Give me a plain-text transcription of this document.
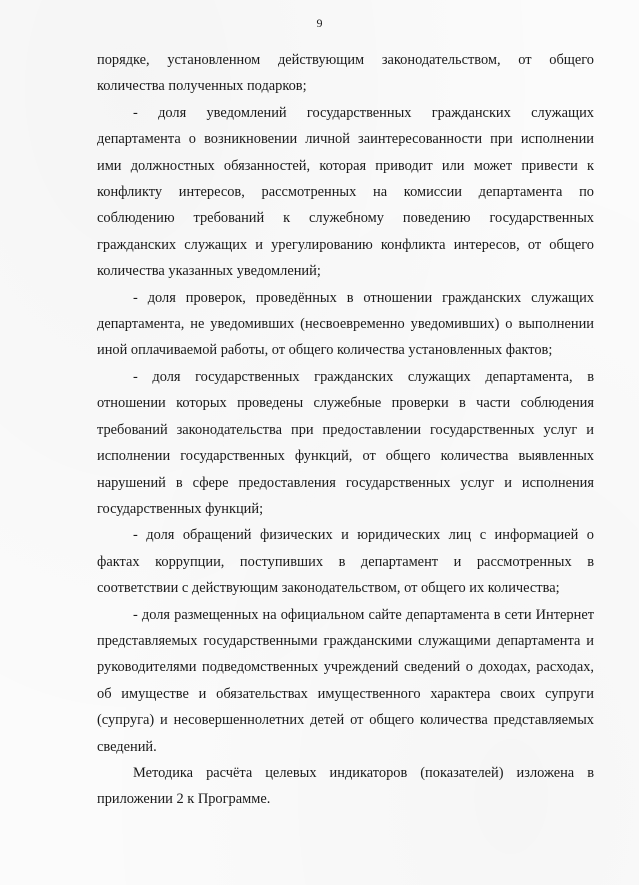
9

порядке, установленном действующим законодательством, от общего количества полученных подарков;

- доля уведомлений государственных гражданских служащих департамента о возникновении личной заинтересованности при исполнении ими должностных обязанностей, которая приводит или может привести к конфликту интересов, рассмотренных на комиссии департамента по соблюдению требований к служебному поведению государственных гражданских служащих и урегулированию конфликта интересов, от общего количества указанных уведомлений;

- доля проверок, проведённых в отношении гражданских служащих департамента, не уведомивших (несвоевременно уведомивших) о выполнении иной оплачиваемой работы, от общего количества установленных фактов;

- доля государственных гражданских служащих департамента, в отношении которых проведены служебные проверки в части соблюдения требований законодательства при предоставлении государственных услуг и исполнении государственных функций, от общего количества выявленных нарушений в сфере предоставления государственных услуг и исполнения государственных функций;

- доля обращений физических и юридических лиц с информацией о фактах коррупции, поступивших в департамент и рассмотренных в соответствии с действующим законодательством, от общего их количества;

- доля размещенных на официальном сайте департамента в сети Интернет представляемых государственными гражданскими служащими департамента и руководителями подведомственных учреждений сведений о доходах, расходах, об имуществе и обязательствах имущественного характера своих супруги (супруга) и несовершеннолетних детей от общего количества представляемых сведений.

Методика расчёта целевых индикаторов (показателей) изложена в приложении 2 к Программе.
